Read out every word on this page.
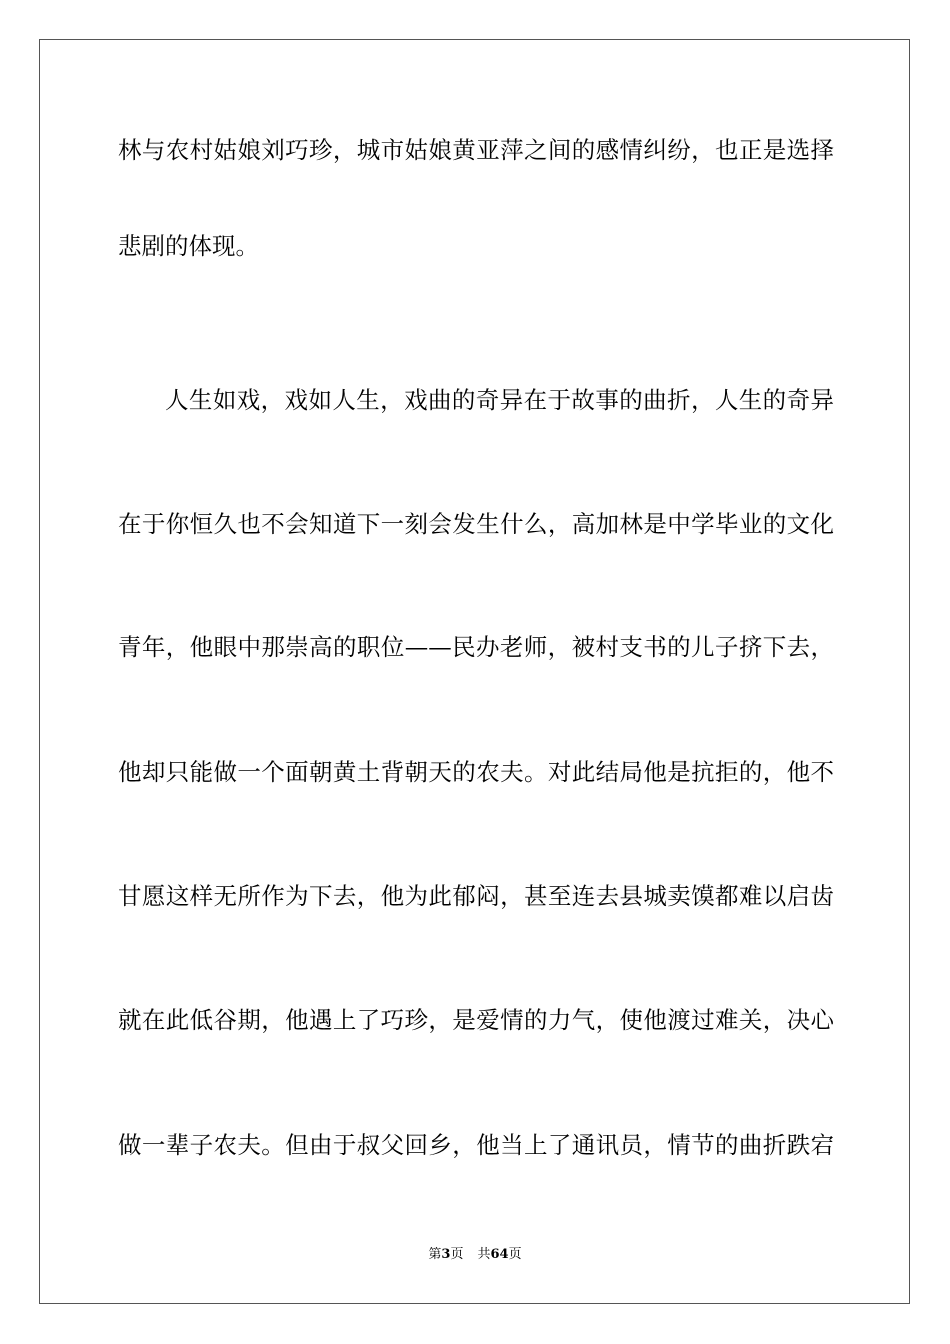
林与农村姑娘刘巧珍，城市姑娘黄亚萍之间的感情纠纷，也正是选择
悲剧的体现。
人生如戏，戏如人生，戏曲的奇异在于故事的曲折，人生的奇异
在于你恒久也不会知道下一刻会发生什么，高加林是中学毕业的文化
青年，他眼中那崇高的职位——民办老师，被村支书的儿子挤下去，
他却只能做一个面朝黄土背朝天的农夫。对此结局他是抗拒的，他不
甘愿这样无所作为下去，他为此郁闷，甚至连去县城卖馍都难以启齿
就在此低谷期，他遇上了巧珍，是爱情的力气，使他渡过难关，决心
做一辈子农夫。但由于叔父回乡，他当上了通讯员，情节的曲折跌宕
第3页 共64页
